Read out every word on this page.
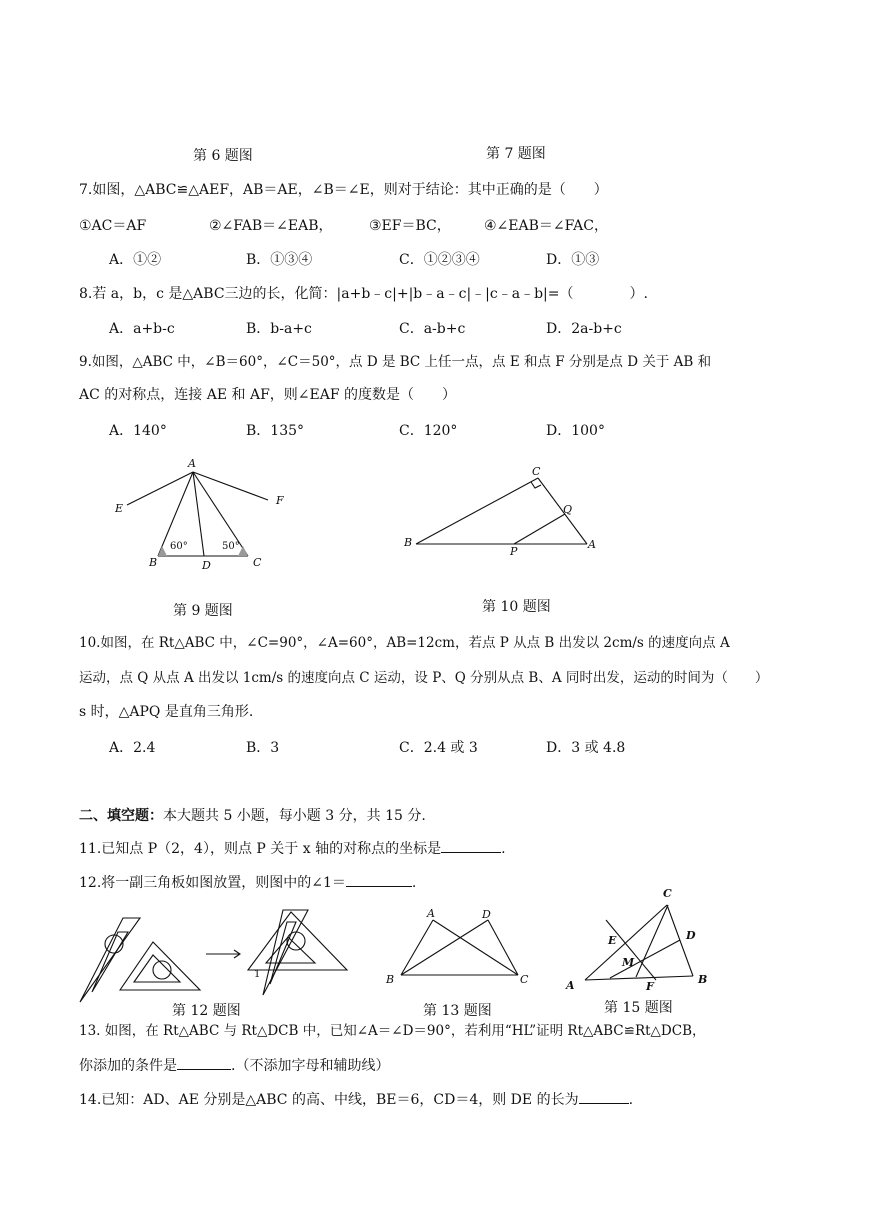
第 6 题图	第 7 题图
7.如图，△ABC≌△AEF，AB＝AE，∠B＝∠E，则对于结论：其中正确的是（　　）
①AC＝AF	②∠FAB＝∠EAB，	③EF＝BC， ④∠EAB＝∠FAC，
A．①②	B．①③④	C．①②③④	D．①③
8.若 a，b，c 是△ABC三边的长，化简：|a+b﹣c|+|b﹣a﹣c|﹣|c﹣a﹣b|=（　　　　）.
A．a+b-c	B．b-a+c	C．a-b+c	D．2a-b+c
9.如图，△ABC 中，∠B＝60°，∠C＝50°，点 D 是 BC 上任一点，点 E 和点 F 分别是点 D 关于 AB 和
AC 的对称点，连接 AE 和 AF，则∠EAF 的度数是（　　）
A．140°	B．135°	C．120°	D．100°
A
E
F
B	D	C
60°	50°
C
Q
B
P
A
1
A	D
B	C
C
E	D
M
A	F
B
第 9 题图	第 10 题图
10.如图，在 Rt△ABC 中，∠C=90°，∠A=60°，AB=12cm，若点 P 从点 B 出发以 2cm/s 的速度向点 A
运动，点 Q 从点 A 出发以 1cm/s 的速度向点 C 运动，设 P、Q 分别从点 B、A 同时出发，运动的时间为（　　）
s 时，△APQ 是直角三角形.
A．2.4	B．3	C．2.4 或 3	D．3 或 4.8
二、填空题：本大题共 5 小题，每小题 3 分，共 15 分.
11.已知点 P（2，4），则点 P 关于 x 轴的对称点的坐标是	.
12.将一副三角板如图放置，则图中的∠1＝	.
第 12 题图	第 13 题图	第 15 题图
13. 如图，在 Rt△ABC 与 Rt△DCB 中，已知∠A＝∠D＝90°，若利用“HL”证明 Rt△ABC≌Rt△DCB，
你添加的条件是	.（不添加字母和辅助线）
14.已知：AD、AE 分别是△ABC 的高、中线，BE＝6，CD＝4，则 DE 的长为	.
